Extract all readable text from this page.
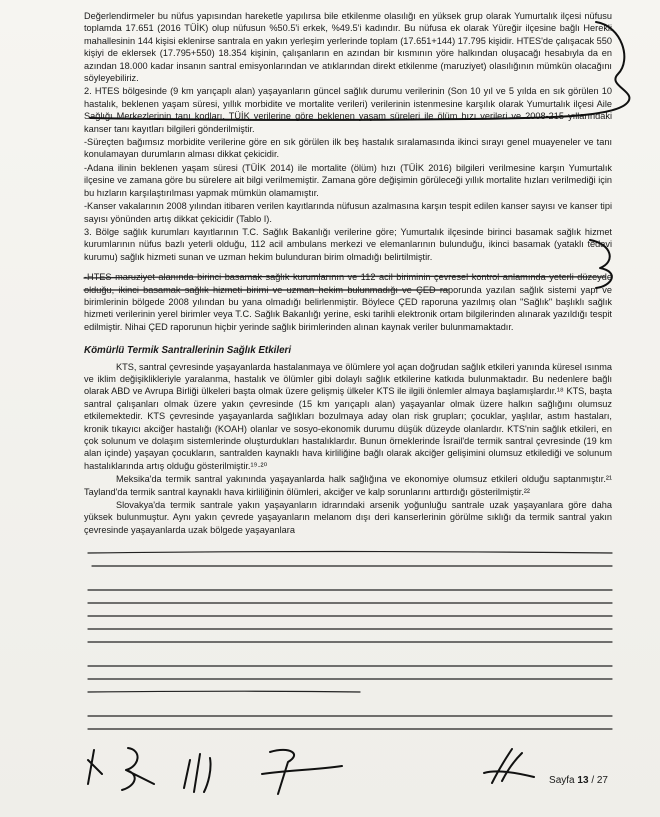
Değerlendirmeler bu nüfus yapısından hareketle yapılırsa bile etkilenme olasılığı en yüksek grup olarak Yumurtalık ilçesi nüfusu toplamda 17.651 (2016 TÜİK) olup nüfusun %50.5'i erkek, %49.5'i kadındır. Bu nüfusa ek olarak Yüreğir ilçesine bağlı Herekli mahallesinin 144 kişisi eklenirse santrala en yakın yerleşim yerlerinde toplam (17.651+144) 17.795 kişidir. HTES'de çalışacak 550 kişiyi de eklersek (17.795+550) 18.354 kişinin, çalışanların en azından bir kısmının yöre halkından oluşacağı hesabıyla da en azından 18.000 kadar insanın santral emisyonlarından ve atıklarından direkt etkilenme (maruziyet) olasılığının mümkün olacağını söyleyebiliriz.

2. HTES bölgesinde (9 km yarıçaplı alan) yaşayanların güncel sağlık durumu verilerinin (Son 10 yıl ve 5 yılda en sık görülen 10 hastalık, beklenen yaşam süresi, yıllık morbidite ve mortalite verileri) verilerinin istenmesine karşılık olarak Yumurtalık ilçesi Aile Sağlığı Merkezlerinin tanı kodları, TÜİK verilerine göre beklenen yaşam süreleri ile ölüm hızı verileri ve 2008-215 yıllarındaki kanser tanı kayıtları bilgileri gönderilmiştir.

-Süreçten bağımsız morbidite verilerine göre en sık görülen ilk beş hastalık sıralamasında ikinci sırayı genel muayeneler ve tanı konulamayan durumların alması dikkat çekicidir.

-Adana ilinin beklenen yaşam süresi (TÜİK 2014) ile mortalite (ölüm) hızı (TÜİK 2016) bilgileri verilmesine karşın Yumurtalık ilçesine ve zamana göre bu sürelere ait bilgi verilmemiştir. Zamana göre değişimin görüleceği yıllık mortalite hızları verilmediği için bu hızların karşılaştırılması yapmak mümkün olamamıştır.

-Kanser vakalarının 2008 yılından itibaren verilen kayıtlarında nüfusun azalmasına karşın tespit edilen kanser sayısı ve kanser tipi sayısı yönünden artış dikkat çekicidir (Tablo I).

3. Bölge sağlık kurumları kayıtlarının T.C. Sağlık Bakanlığı verilerine göre; Yumurtalık ilçesinde birinci basamak sağlık hizmet kurumlarının nüfus bazlı yeterli olduğu, 112 acil ambulans merkezi ve elemanlarının bulunduğu, ikinci basamak (yataklı tedavi kurumu) sağlık hizmeti sunan ve uzman hekim bulunduran birim olmadığı belirtilmiştir.

-HTES maruziyet alanında birinci basamak sağlık kurumlarının ve 112 acil biriminin çevresel kontrol anlamında yeterli düzeyde olduğu, ikinci basamak sağlık hizmeti birimi ve uzman hekim bulunmadığı ve ÇED raporunda yazılan sağlık sistemi yapı ve birimlerinin bölgede 2008 yılından bu yana olmadığı belirlenmiştir. Böylece ÇED raporuna yazılmış olan "Sağlık" başlıklı sağlık hizmeti verilerinin yerel birimler veya T.C. Sağlık Bakanlığı yerine, eski tarihli elektronik ortam bilgilerinden alınarak yazıldığı tespit edilmiştir. Nihai ÇED raporunun hiçbir yerinde sağlık birimlerinden alınan kaynak veriler bulunmamaktadır.

Kömürlü Termik Santrallerinin Sağlık Etkileri

KTS, santral çevresinde yaşayanlarda hastalanmaya ve ölümlere yol açan doğrudan sağlık etkileri yanında küresel ısınma ve iklim değişiklikleriyle yaralanma, hastalık ve ölümler gibi dolaylı sağlık etkilerine katkıda bulunmaktadır. Bu nedenlere bağlı olarak ABD ve Avrupa Birliği ülkeleri başta olmak üzere gelişmiş ülkeler KTS ile ilgili önlemler almaya başlamışlardır.¹⁸ KTS, başta santral çalışanları olmak üzere yakın çevresinde (15 km yarıçaplı alan) yaşayanlar olmak üzere halkın sağlığını olumsuz etkilemektedir. KTS çevresinde yaşayanlarda sağlıkları bozulmaya aday olan risk grupları; çocuklar, yaşlılar, astım hastaları, kronik tıkayıcı akciğer hastalığı (KOAH) olanlar ve sosyo-ekonomik durumu düşük düzeyde olanlardır. KTS'nin sağlık etkileri, en çok solunum ve dolaşım sistemlerinde oluşturdukları hastalıklardır. Bunun örneklerinde İsrail'de termik santral çevresinde (19 km alan içinde) yaşayan çocukların, santralden kaynaklı hava kirliliğine bağlı olarak akciğer gelişimini olumsuz etkilediği ve solunum hastalıklarında artış olduğu gösterilmiştir.¹⁹·²⁰

Meksika'da termik santral yakınında yaşayanlarda halk sağlığına ve ekonomiye olumsuz etkileri olduğu saptanmıştır.²¹ Tayland'da termik santral kaynaklı hava kirliliğinin ölümleri, akciğer ve kalp sorunlarını arttırdığı gösterilmiştir.²²

Slovakya'da termik santrale yakın yaşayanların idrarındaki arsenik yoğunluğu santrale uzak yaşayanlara göre daha yüksek bulunmuştur. Aynı yakın çevrede yaşayanların melanom dışı deri kanserlerinin görülme sıklığı da termik santral yakın çevresinde yaşayanlarda uzak bölgede yaşayanlara

Sayfa 13 / 27
